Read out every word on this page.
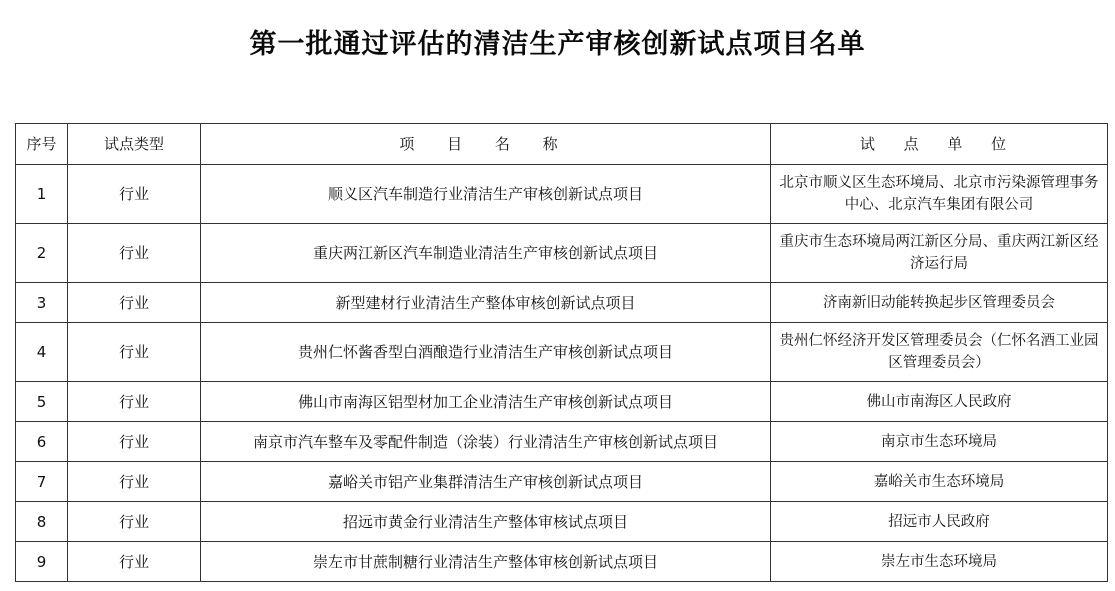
第一批通过评估的清洁生产审核创新试点项目名单
序号	试点类型	项 目 名 称	试 点 单 位
1	行业	顺义区汽车制造行业清洁生产审核创新试点项目	北京市顺义区生态环境局、北京市污染源管理事务中心、北京汽车集团有限公司
2	行业	重庆两江新区汽车制造业清洁生产审核创新试点项目	重庆市生态环境局两江新区分局、重庆两江新区经济运行局
3	行业	新型建材行业清洁生产整体审核创新试点项目	济南新旧动能转换起步区管理委员会
4	行业	贵州仁怀酱香型白酒酿造行业清洁生产审核创新试点项目	贵州仁怀经济开发区管理委员会（仁怀名酒工业园区管理委员会）
5	行业	佛山市南海区铝型材加工企业清洁生产审核创新试点项目	佛山市南海区人民政府
6	行业	南京市汽车整车及零配件制造（涂装）行业清洁生产审核创新试点项目	南京市生态环境局
7	行业	嘉峪关市铝产业集群清洁生产审核创新试点项目	嘉峪关市生态环境局
8	行业	招远市黄金行业清洁生产整体审核试点项目	招远市人民政府
9	行业	崇左市甘蔗制糖行业清洁生产整体审核创新试点项目	崇左市生态环境局
